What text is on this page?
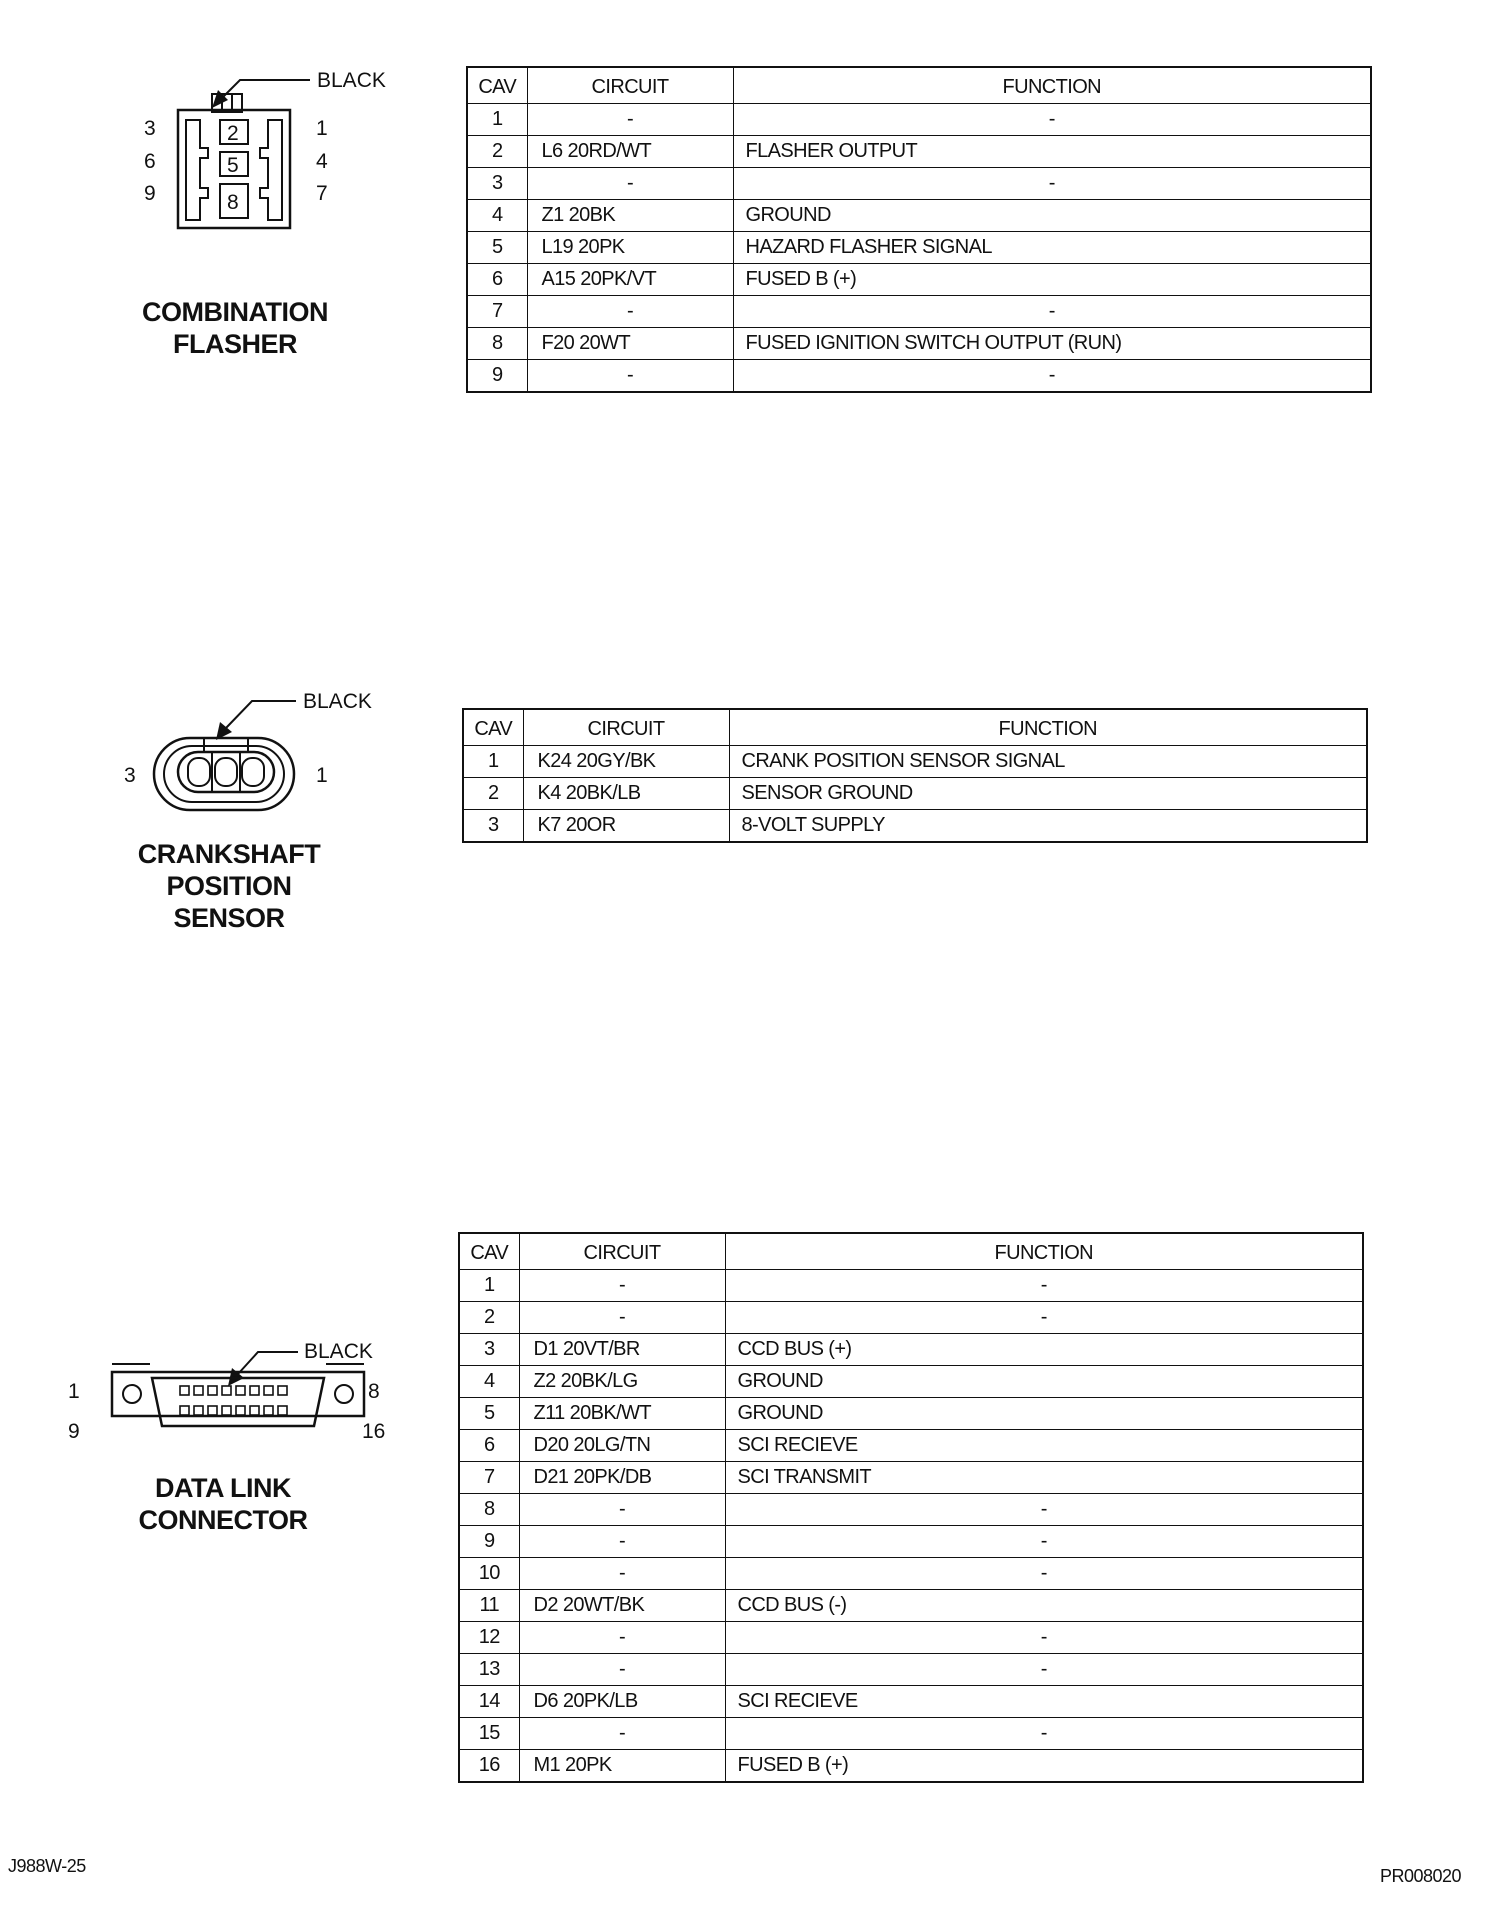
BLACK
3	1
6	4
9	7
2
5
8
COMBINATION
FLASHER
CAV	CIRCUIT	FUNCTION
1	-	-
2	L6 20RD/WT	FLASHER OUTPUT
3	-	-
4	Z1 20BK	GROUND
5	L19 20PK	HAZARD FLASHER SIGNAL
6	A15 20PK/VT	FUSED B (+)
7	-	-
8	F20 20WT	FUSED IGNITION SWITCH OUTPUT (RUN)
9	-	-
BLACK
3	1
CRANKSHAFT
POSITION
SENSOR
CAV	CIRCUIT	FUNCTION
1	K24 20GY/BK	CRANK POSITION SENSOR SIGNAL
2	K4 20BK/LB	SENSOR GROUND
3	K7 20OR	8-VOLT SUPPLY
BLACK
1	8
9	16
DATA LINK
CONNECTOR
CAV	CIRCUIT	FUNCTION
1	-	-
2	-	-
3	D1 20VT/BR	CCD BUS (+)
4	Z2 20BK/LG	GROUND
5	Z11 20BK/WT	GROUND
6	D20 20LG/TN	SCI RECIEVE
7	D21 20PK/DB	SCI TRANSMIT
8	-	-
9	-	-
10	-	-
11	D2 20WT/BK	CCD BUS (-)
12	-	-
13	-	-
14	D6 20PK/LB	SCI RECIEVE
15	-	-
16	M1 20PK	FUSED B (+)
J988W-25	PR008020
